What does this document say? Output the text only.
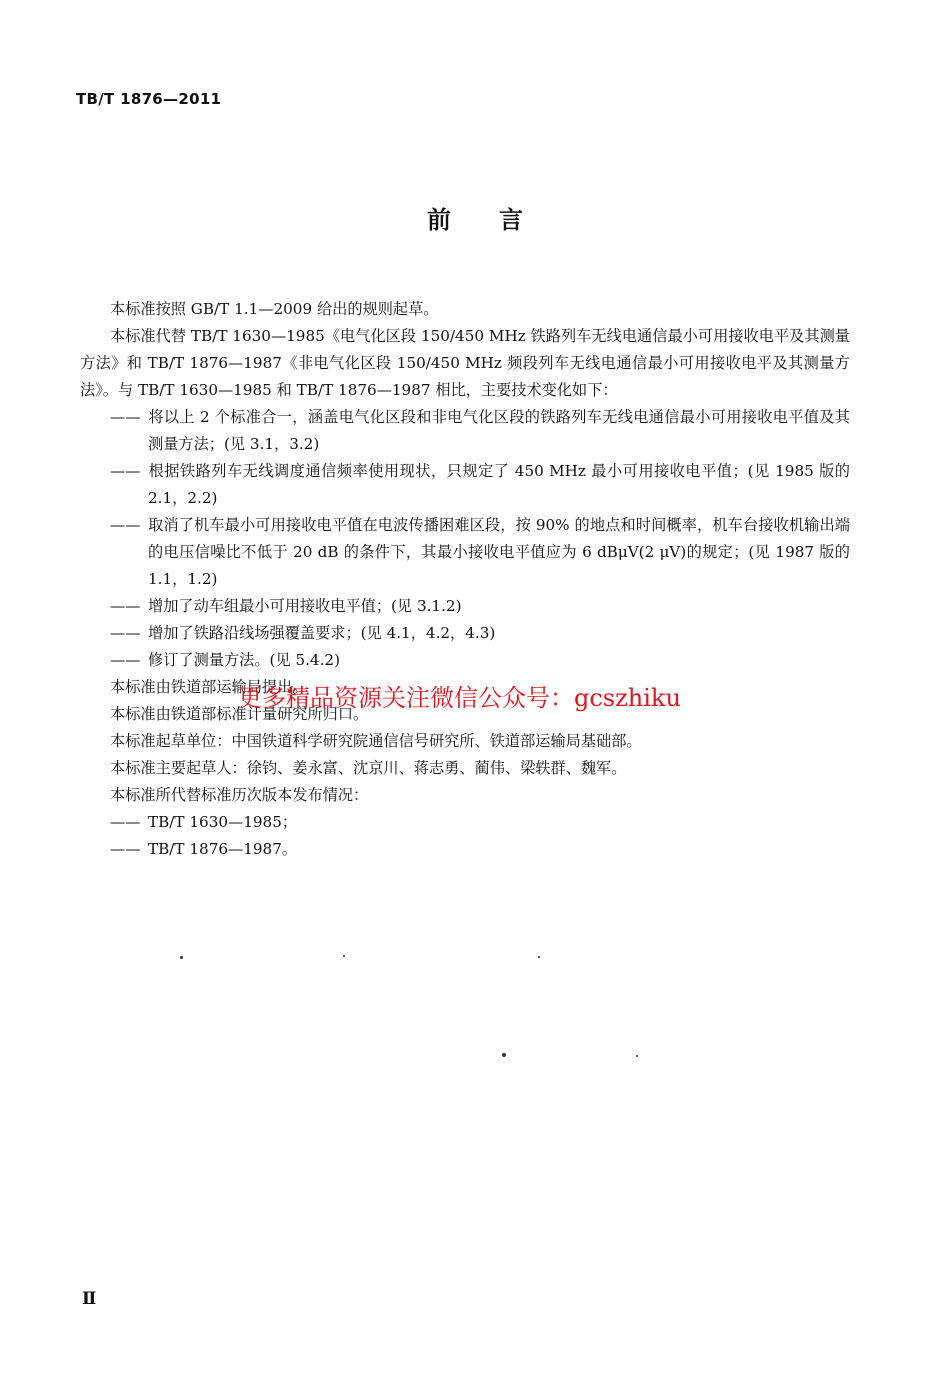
TB/T 1876—2011
前言

本标准按照 GB/T 1.1—2009 给出的规则起草。

本标准代替 TB/T 1630—1985《电气化区段 150/450 MHz 铁路列车无线电通信最小可用接收电平及其测量方法》和 TB/T 1876—1987《非电气化区段 150/450 MHz 频段列车无线电通信最小可用接收电平及其测量方法》。与 TB/T 1630—1985 和 TB/T 1876—1987 相比，主要技术变化如下：

—— 将以上 2 个标准合一，涵盖电气化区段和非电气化区段的铁路列车无线电通信最小可用接收电平值及其测量方法；(见 3.1，3.2)

—— 根据铁路列车无线调度通信频率使用现状，只规定了 450 MHz 最小可用接收电平值；(见 1985 版的 2.1，2.2)

—— 取消了机车最小可用接收电平值在电波传播困难区段，按 90% 的地点和时间概率，机车台接收机输出端的电压信噪比不低于 20 dB 的条件下，其最小接收电平值应为 6 dBμV(2 μV)的规定；(见 1987 版的 1.1，1.2)

—— 增加了动车组最小可用接收电平值；(见 3.1.2)

—— 增加了铁路沿线场强覆盖要求；(见 4.1，4.2，4.3)

—— 修订了测量方法。(见 5.4.2)

本标准由铁道部运输局提出。

本标准由铁道部标准计量研究所归口。

本标准起草单位：中国铁道科学研究院通信信号研究所、铁道部运输局基础部。

本标准主要起草人：徐钧、姜永富、沈京川、蒋志勇、蔺伟、梁轶群、魏军。

本标准所代替标准历次版本发布情况：

—— TB/T 1630—1985；

—— TB/T 1876—1987。

更多精品资源关注微信公众号：gcszhiku
Ⅱ
